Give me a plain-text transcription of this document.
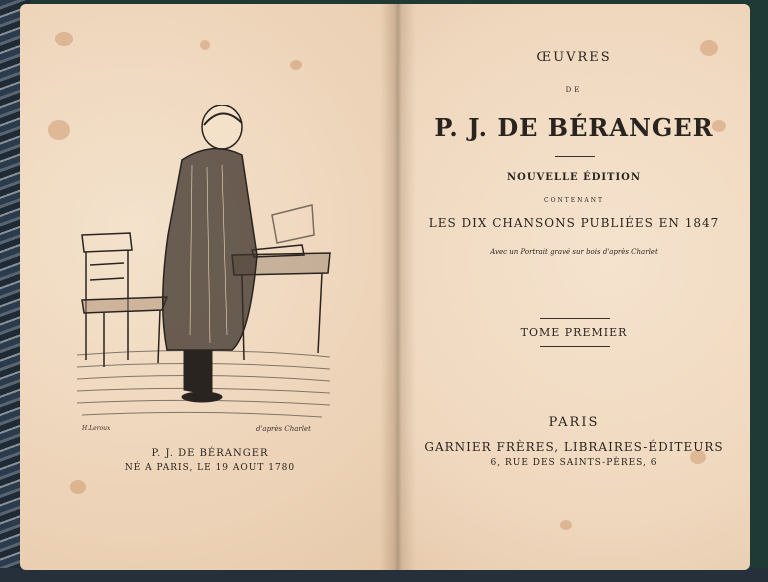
H.Leroux	d'après Charlet
P. J. DE BÉRANGER
NÉ A PARIS, LE 19 AOUT 1780
ŒUVRES
DE
P. J. DE BÉRANGER
NOUVELLE ÉDITION
CONTENANT
LES DIX CHANSONS PUBLIÉES EN 1847
Avec un Portrait gravé sur bois d'après Charlet
TOME PREMIER
PARIS
GARNIER FRÈRES, LIBRAIRES-ÉDITEURS
6, RUE DES SAINTS-PÈRES, 6
